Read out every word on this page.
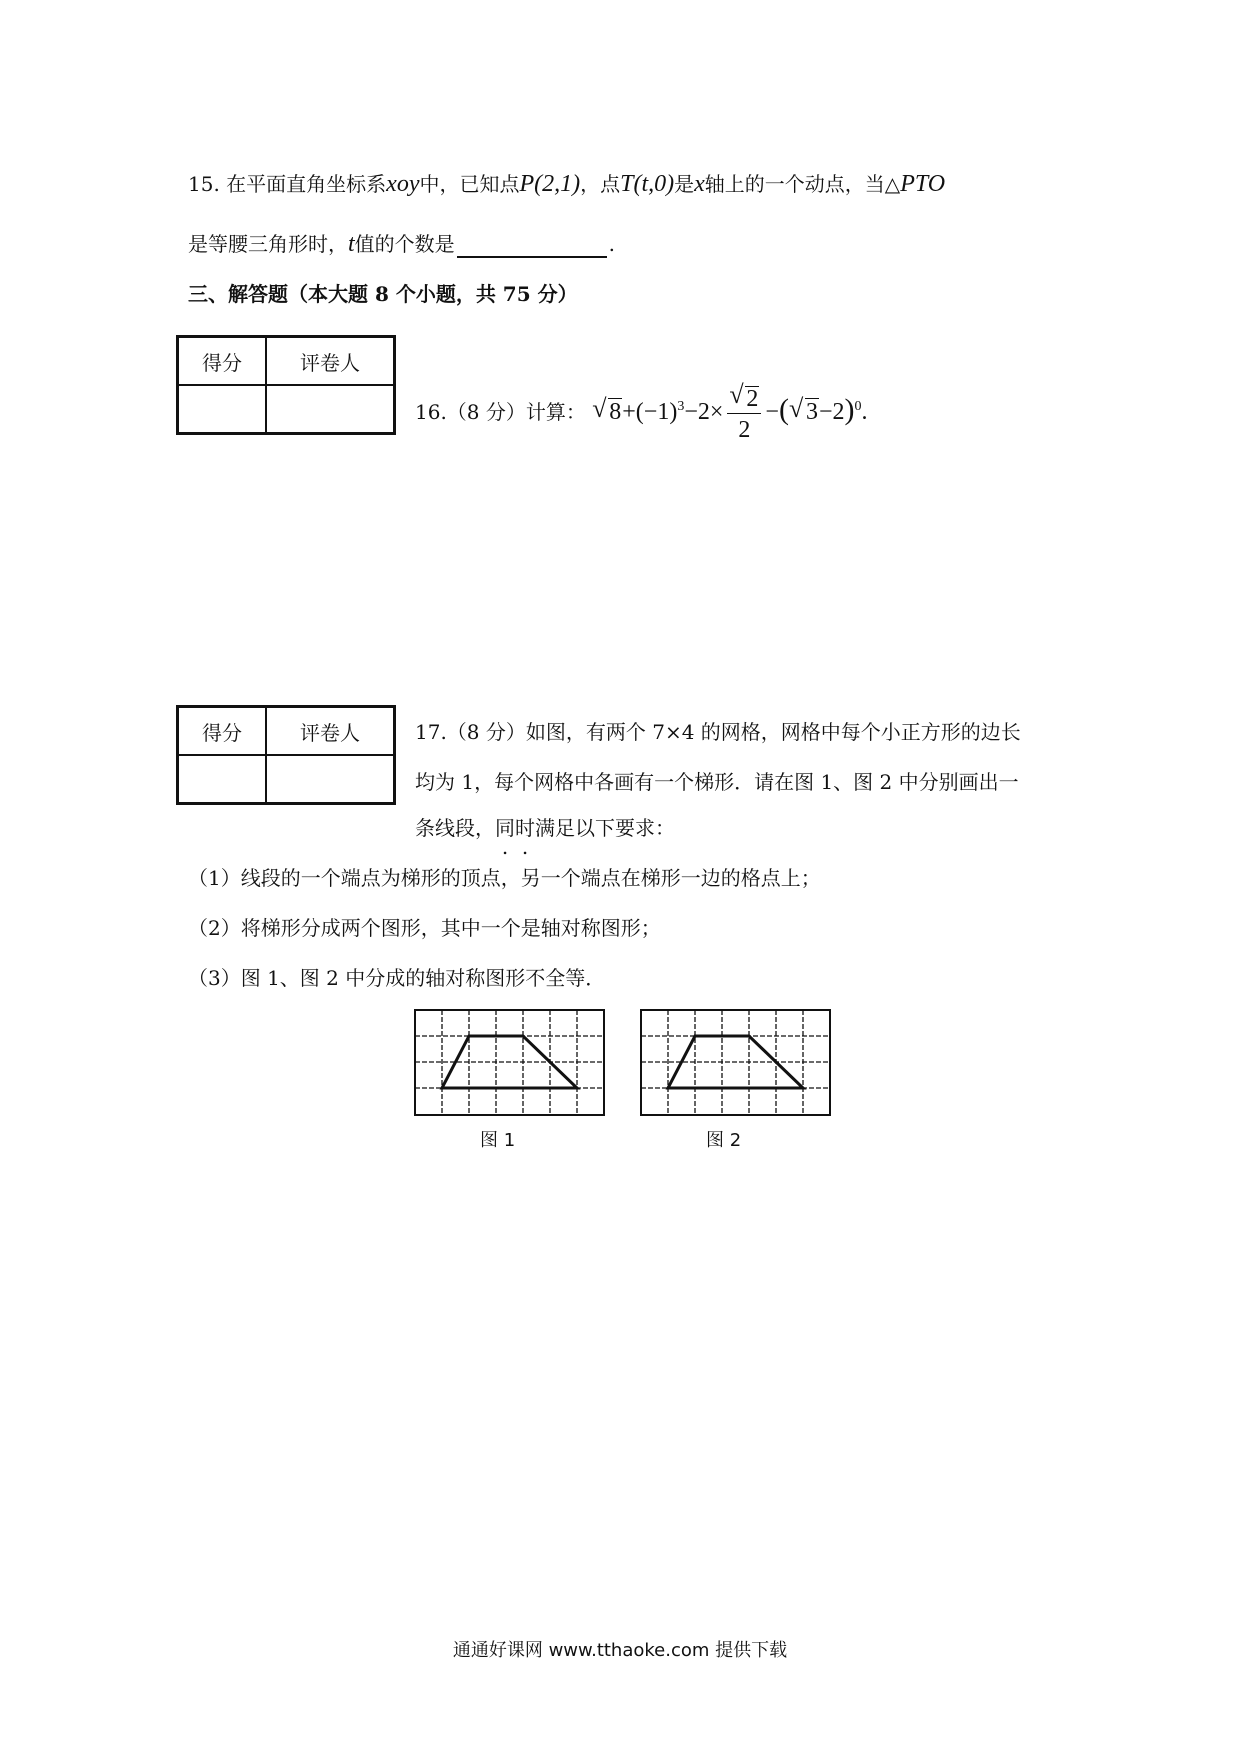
15. 在平面直角坐标系xoy中，已知点P(2,1)，点T(t,0)是x轴上的一个动点，当△PTO
是等腰三角形时，t值的个数是	.
三、解答题（本大题 8 个小题，共 75 分）
得分	评卷人

16.（8 分）计算： √ $8+(-1)^3-2\times \frac{√ 2}{2}$ −( √ 3−2)$^0$.
得分	评卷人
		17.（8 分）如图，有两个 7×4 的网格，网格中每个小正方形的边长
均为 1，每个网格中各画有一个梯形．请在图 1、图 2 中分别画出一
条线段，同时满足以下要求：
（1）线段的一个端点为梯形的顶点，另一个端点在梯形一边的格点上；
（2）将梯形分成两个图形，其中一个是轴对称图形；
（3）图 1、图 2 中分成的轴对称图形不全等．
图 1	图 2
通通好课网 www.tthaoke.com 提供下载
